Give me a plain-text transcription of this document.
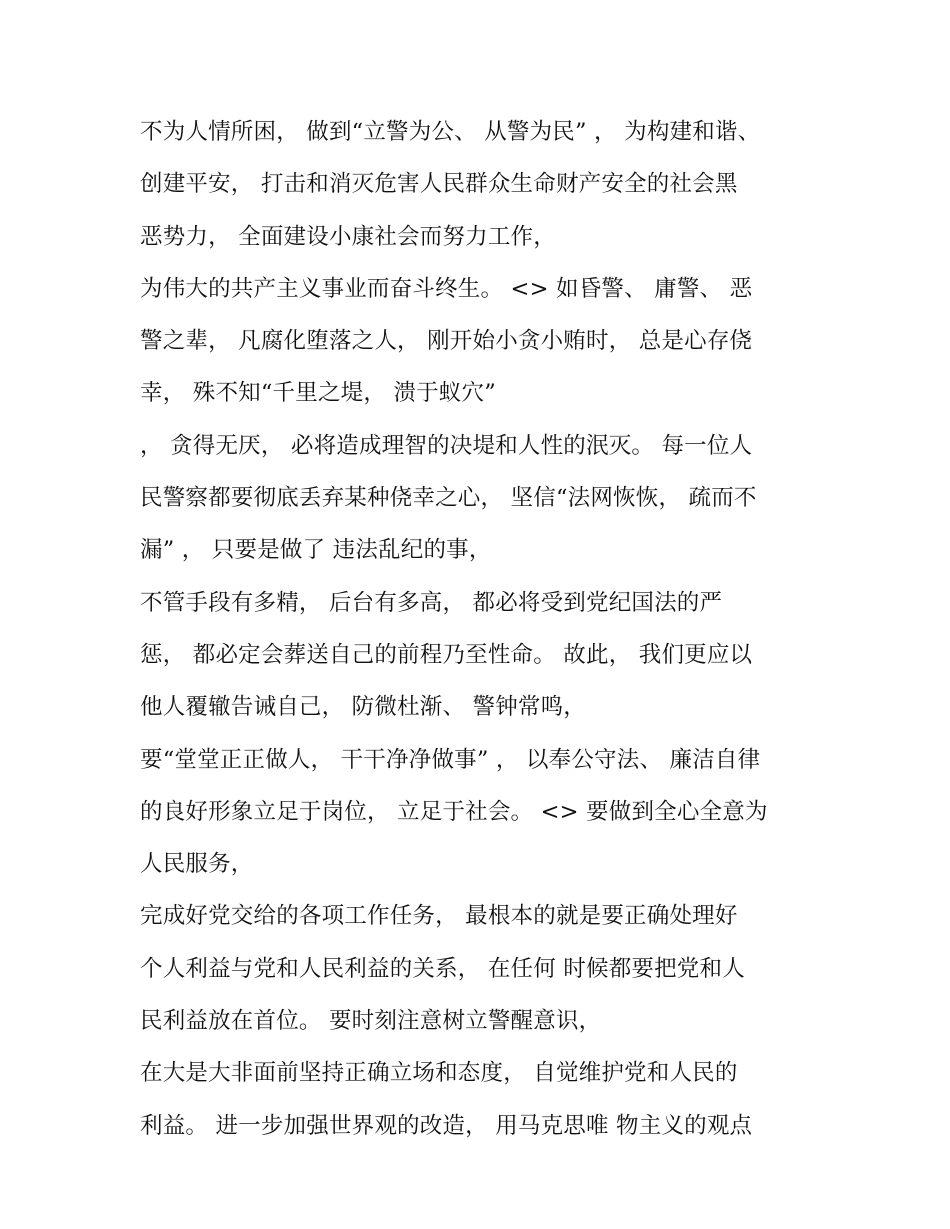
不为人情所困， 做到“立警为公、 从警为民” ， 为构建和谐、
创建平安， 打击和消灭危害人民群众生命财产安全的社会黑
恶势力， 全面建设小康社会而努力工作，
为伟大的共产主义事业而奋斗终生。 <> 如昏警、 庸警、 恶
警之辈， 凡腐化堕落之人， 刚开始小贪小贿时， 总是心存侥
幸， 殊不知“千里之堤， 溃于蚁穴”
， 贪得无厌， 必将造成理智的决堤和人性的泯灭。 每一位人
民警察都要彻底丢弃某种侥幸之心， 坚信“法网恢恢， 疏而不
漏” ， 只要是做了 违法乱纪的事，
不管手段有多精， 后台有多高， 都必将受到党纪国法的严
惩， 都必定会葬送自己的前程乃至性命。 故此， 我们更应以
他人覆辙告诫自己， 防微杜渐、 警钟常鸣，
要“堂堂正正做人， 干干净净做事” ， 以奉公守法、 廉洁自律
的良好形象立足于岗位， 立足于社会。 <> 要做到全心全意为
人民服务，
完成好党交给的各项工作任务， 最根本的就是要正确处理好
个人利益与党和人民利益的关系， 在任何 时候都要把党和人
民利益放在首位。 要时刻注意树立警醒意识，
在大是大非面前坚持正确立场和态度， 自觉维护党和人民的
利益。 进一步加强世界观的改造， 用马克思唯 物主义的观点
